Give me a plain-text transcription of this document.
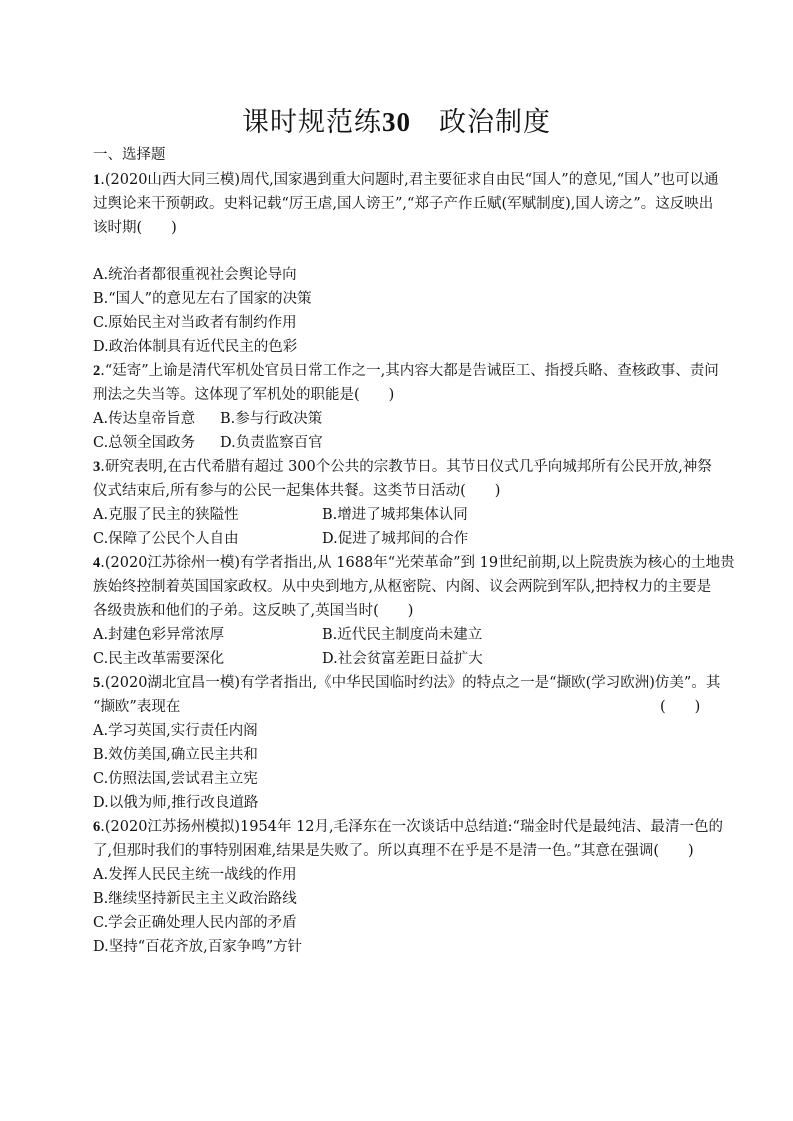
课时规范练30　 政治制度
一、选择题
1.(2020山西大同三模)周代,国家遇到重大问题时,君主要征求自由民“国人”的意见,“国人”也可以通
过舆论来干预朝政。史料记载“厉王虐,国人谤王”,“郑子产作丘赋(军赋制度),国人谤之”。这反映出
该时期(　　)
A.统治者都很重视社会舆论导向
B.“国人”的意见左右了国家的决策
C.原始民主对当政者有制约作用
D.政治体制具有近代民主的色彩
2.“廷寄”上谕是清代军机处官员日常工作之一,其内容大都是告诫臣工、指授兵略、查核政事、责问
刑法之失当等。这体现了军机处的职能是(　　)
A.传达皇帝旨意 B.参与行政决策
C.总领全国政务 D.负责监察百官
3.研究表明,在古代希腊有超过 300个公共的宗教节日。其节日仪式几乎向城邦所有公民开放,神祭
仪式结束后,所有参与的公民一起集体共餐。这类节日活动(　　)
A.克服了民主的狭隘性	B.增进了城邦集体认同
C.保障了公民个人自由	D.促进了城邦间的合作
4.(2020江苏徐州一模)有学者指出,从 1688年“光荣革命”到 19世纪前期,以上院贵族为核心的土地贵
族始终控制着英国国家政权。从中央到地方,从枢密院、内阁、议会两院到军队,把持权力的主要是
各级贵族和他们的子弟。这反映了,英国当时(　　)
A.封建色彩异常浓厚	B.近代民主制度尚未建立
C.民主改革需要深化	D.社会贫富差距日益扩大
5.(2020湖北宜昌一模)有学者指出,《中华民国临时约法》的特点之一是“撷欧(学习欧洲)仿美”。其
“撷欧”表现在	(　　)
A.学习英国,实行责任内阁
B.效仿美国,确立民主共和
C.仿照法国,尝试君主立宪
D.以俄为师,推行改良道路
6.(2020江苏扬州模拟)1954年 12月,毛泽东在一次谈话中总结道:“瑞金时代是最纯洁、最清一色的
了,但那时我们的事特别困难,结果是失败了。所以真理不在乎是不是清一色。”其意在强调(　　)
A.发挥人民民主统一战线的作用
B.继续坚持新民主主义政治路线
C.学会正确处理人民内部的矛盾
D.坚持“百花齐放,百家争鸣”方针
